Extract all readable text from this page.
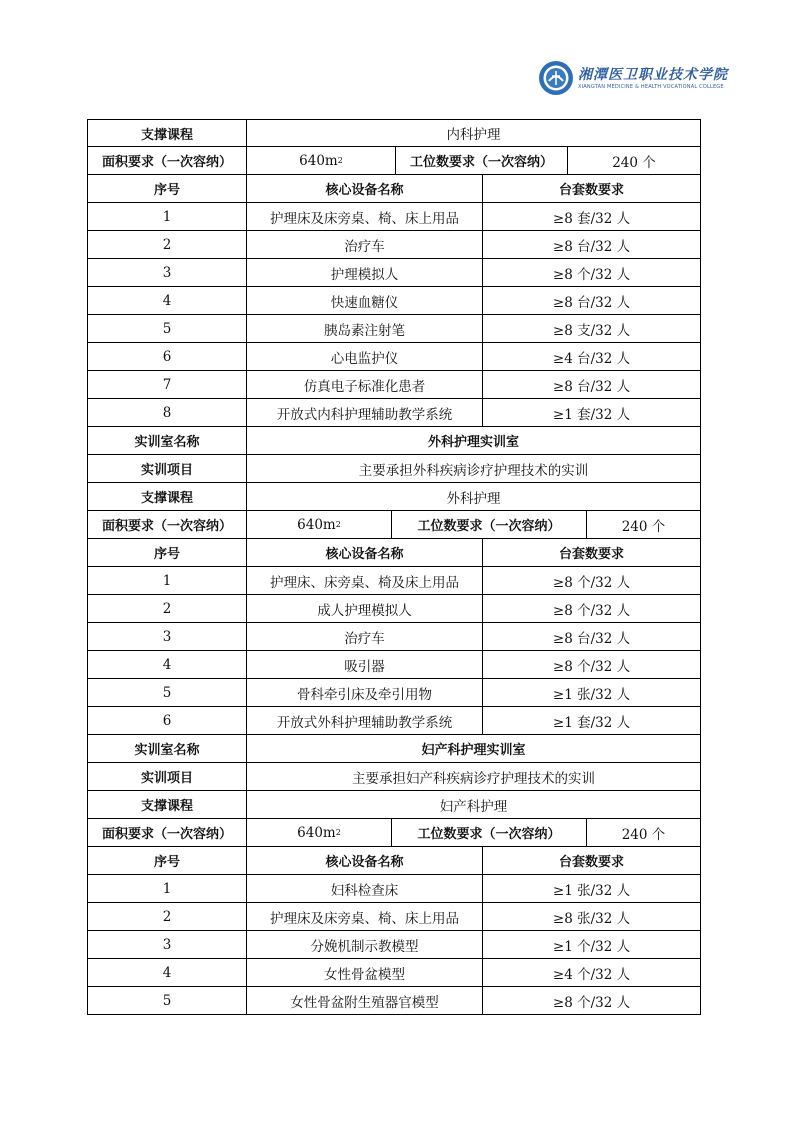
湘潭医卫职业技术学院
XIANGTAN MEDICINE & HEALTH VOCATIONAL COLLEGE
支撑课程	内科护理
面积要求（一次容纳）	640m 2	工位数要求（一次容纳）	240 个
序号	核心设备名称	台套数要求
1	护理床及床旁桌、椅、床上用品	≥8 套/32 人
2	治疗车	≥8 台/32 人
3	护理模拟人	≥8 个/32 人
4	快速血糖仪	≥8 台/32 人
5	胰岛素注射笔	≥8 支/32 人
6	心电监护仪	≥4 台/32 人
7	仿真电子标准化患者	≥8 台/32 人
8	开放式内科护理辅助教学系统	≥1 套/32 人
实训室名称	外科护理实训室
实训项目	主要承担外科疾病诊疗护理技术的实训
支撑课程	外科护理
面积要求（一次容纳）	640m 2	工位数要求（一次容纳）	240 个
序号	核心设备名称	台套数要求
1	护理床、床旁桌、椅及床上用品	≥8 个/32 人
2	成人护理模拟人	≥8 个/32 人
3	治疗车	≥8 台/32 人
4	吸引器	≥8 个/32 人
5	骨科牵引床及牵引用物	≥1 张/32 人
6	开放式外科护理辅助教学系统	≥1 套/32 人
实训室名称	妇产科护理实训室
实训项目	主要承担妇产科疾病诊疗护理技术的实训
支撑课程	妇产科护理
面积要求（一次容纳）	640m 2	工位数要求（一次容纳）	240 个
序号	核心设备名称	台套数要求
1	妇科检查床	≥1 张/32 人
2	护理床及床旁桌、椅、床上用品	≥8 张/32 人
3	分娩机制示教模型	≥1 个/32 人
4	女性骨盆模型	≥4 个/32 人
5	女性骨盆附生殖器官模型	≥8 个/32 人
